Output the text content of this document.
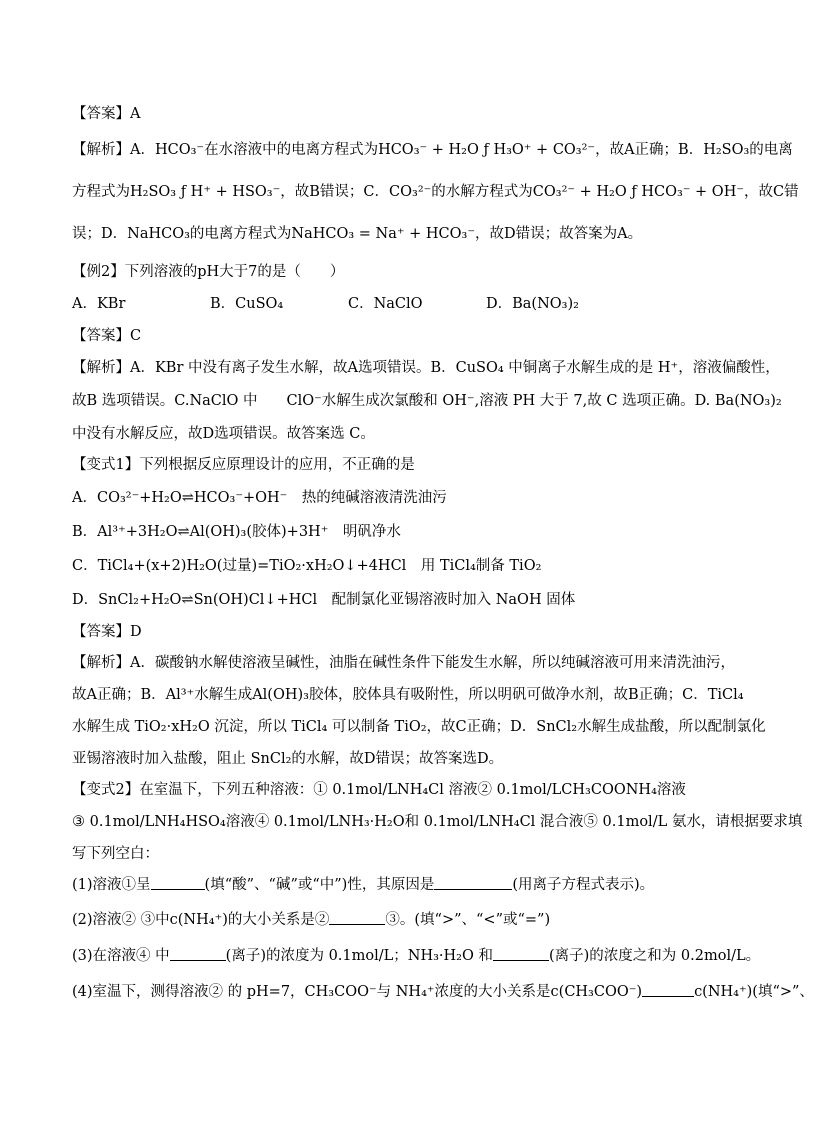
【答案】A
【解析】A．HCO₃⁻在水溶液中的电离方程式为HCO₃⁻ + H₂O ƒ H₃O⁺ + CO₃²⁻，故A正确；B．H₂SO₃的电离
方程式为H₂SO₃ ƒ H⁺ + HSO₃⁻，故B错误；C．CO₃²⁻的水解方程式为CO₃²⁻ + H₂O ƒ HCO₃⁻ + OH⁻，故C错
误；D．NaHCO₃的电离方程式为NaHCO₃ = Na⁺ + HCO₃⁻，故D错误；故答案为A。
【例2】下列溶液的pH大于7的是（　　）
A．KBr	B．CuSO₄	C．NaClO	D．Ba(NO₃)₂
【答案】C
【解析】A．KBr 中没有离子发生水解，故A选项错误。B．CuSO₄ 中铜离子水解生成的是 H⁺，溶液偏酸性，
故B 选项错误。C.NaClO 中　　ClO⁻水解生成次氯酸和 OH⁻,溶液 PH 大于 7,故 C 选项正确。D. Ba(NO₃)₂
中没有水解反应，故D选项错误。故答案选 C。
【变式1】下列根据反应原理设计的应用，不正确的是
A．CO₃²⁻+H₂O⇌HCO₃⁻+OH⁻　热的纯碱溶液清洗油污
B．Al³⁺+3H₂O⇌Al(OH)₃(胶体)+3H⁺　明矾净水
C．TiCl₄+(x+2)H₂O(过量)=TiO₂·xH₂O↓+4HCl　用 TiCl₄制备 TiO₂
D．SnCl₂+H₂O⇌Sn(OH)Cl↓+HCl　配制氯化亚锡溶液时加入 NaOH 固体
【答案】D
【解析】A．碳酸钠水解使溶液呈碱性，油脂在碱性条件下能发生水解，所以纯碱溶液可用来清洗油污，
故A正确；B．Al³⁺水解生成Al(OH)₃胶体，胶体具有吸附性，所以明矾可做净水剂，故B正确；C．TiCl₄
水解生成 TiO₂·xH₂O 沉淀，所以 TiCl₄ 可以制备 TiO₂，故C正确；D．SnCl₂水解生成盐酸，所以配制氯化
亚锡溶液时加入盐酸，阻止 SnCl₂的水解，故D错误；故答案选D。
【变式2】在室温下，下列五种溶液：① 0.1mol/LNH₄Cl 溶液② 0.1mol/LCH₃COONH₄溶液
③ 0.1mol/LNH₄HSO₄溶液④ 0.1mol/LNH₃·H₂O和 0.1mol/LNH₄Cl 混合液⑤ 0.1mol/L 氨水，请根据要求填
写下列空白：
(1)溶液①呈	(填“酸”、“碱”或“中”)性，其原因是	(用离子方程式表示)。
(2)溶液② ③中c(NH₄⁺)的大小关系是②	③。(填“>”、“<”或“=”)
(3)在溶液④ 中	(离子)的浓度为 0.1mol/L；NH₃·H₂O 和	(离子)的浓度之和为 0.2mol/L。
(4)室温下，测得溶液② 的 pH=7，CH₃COO⁻与 NH₄⁺浓度的大小关系是c(CH₃COO⁻)	c(NH₄⁺)(填“>”、
